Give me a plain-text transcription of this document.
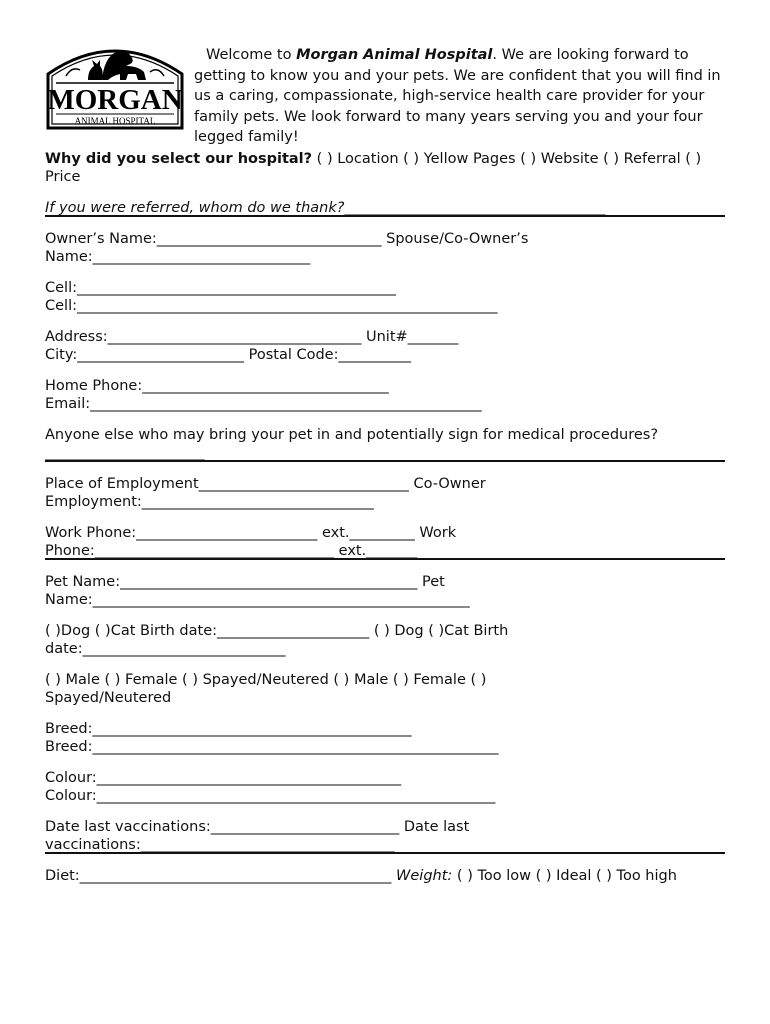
MORGAN
ANIMAL HOSPITAL

Welcome to Morgan Animal Hospital. We are looking forward to getting to know you and your pets. We are confident that you will find in us a caring, compassionate, high-service health care provider for your family pets. We look forward to many years serving you and your four legged family!

Why did you select our hospital? ( ) Location ( ) Yellow Pages ( ) Website ( ) Referral ( ) Price

If you were referred, whom do we thank?____________________________________

Owner’s Name:_______________________________ Spouse/Co-Owner’s

Name:______________________________

Cell:____________________________________________

Cell:__________________________________________________________

Address:___________________________________ Unit#_______

City:_______________________ Postal Code:__________

Home Phone:__________________________________

Email:______________________________________________________

Anyone else who may bring your pet in and potentially sign for medical procedures? ______________________

Place of Employment_____________________________ Co-Owner

Employment:________________________________

Work Phone:_________________________ ext._________ Work

Phone:_________________________________ ext._______

Pet Name:_________________________________________ Pet

Name:____________________________________________________

( )Dog ( )Cat Birth date:_____________________ ( ) Dog ( )Cat Birth

date:____________________________

( ) Male ( ) Female ( ) Spayed/Neutered ( ) Male ( ) Female ( )

Spayed/Neutered

Breed:____________________________________________

Breed:________________________________________________________

Colour:__________________________________________

Colour:_______________________________________________________

Date last vaccinations:__________________________ Date last

vaccinations:___________________________________

Diet:___________________________________________ Weight: ( ) Too low ( ) Ideal ( ) Too high
